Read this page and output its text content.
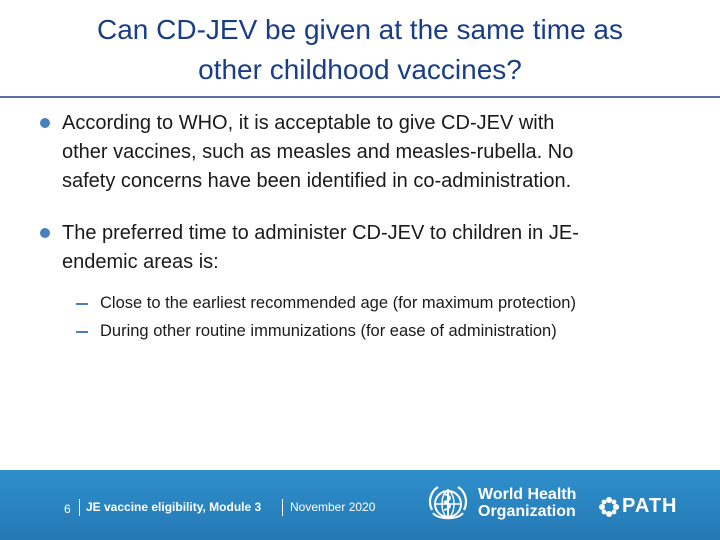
Can CD-JEV be given at the same time as
other childhood vaccines?
According to WHO, it is acceptable to give CD-JEV with
other vaccines, such as measles and measles-rubella. No
safety concerns have been identified in co-administration.
The preferred time to administer CD-JEV to children in JE-
endemic areas is:
Close to the earliest recommended age (for maximum protection)
During other routine immunizations (for ease of administration)
6 JE vaccine eligibility, Module 3 November 2020
World Health
Organization PATH
